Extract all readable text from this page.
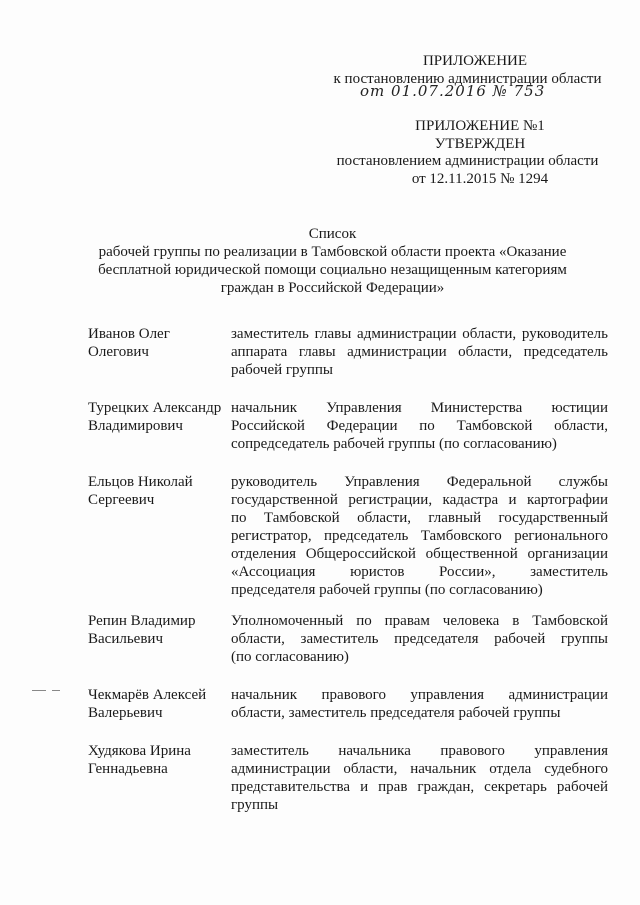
ПРИЛОЖЕНИЕ
к постановлению администрации области
от 01.07.2016 № 753
ПРИЛОЖЕНИЕ №1
УТВЕРЖДЕН
постановлением администрации области
от 12.11.2015 № 1294
Список
рабочей группы по реализации в Тамбовской области проекта «Оказание
бесплатной юридической помощи социально незащищенным категориям
граждан в Российской Федерации»
Иванов Олег
Олегович
заместитель главы администрации области, руководитель
аппарата главы администрации области, председатель
рабочей группы
Турецких Александр
Владимирович
начальник Управления Министерства юстиции
Российской Федерации по Тамбовской области,
сопредседатель рабочей группы (по согласованию)
Ельцов Николай
Сергеевич
руководитель Управления Федеральной службы
государственной регистрации, кадастра и картографии
по Тамбовской области, главный государственный
регистратор, председатель Тамбовского регионального
отделения Общероссийской общественной организации
«Ассоциация юристов России», заместитель
председателя рабочей группы (по согласованию)
Репин Владимир
Васильевич
Уполномоченный по правам человека в Тамбовской
области, заместитель председателя рабочей группы
(по согласованию)
Чекмарёв Алексей
Валерьевич
начальник правового управления администрации
области, заместитель председателя рабочей группы
Худякова Ирина
Геннадьевна
заместитель начальника правового управления
администрации области, начальник отдела судебного
представительства и прав граждан, секретарь рабочей
группы
